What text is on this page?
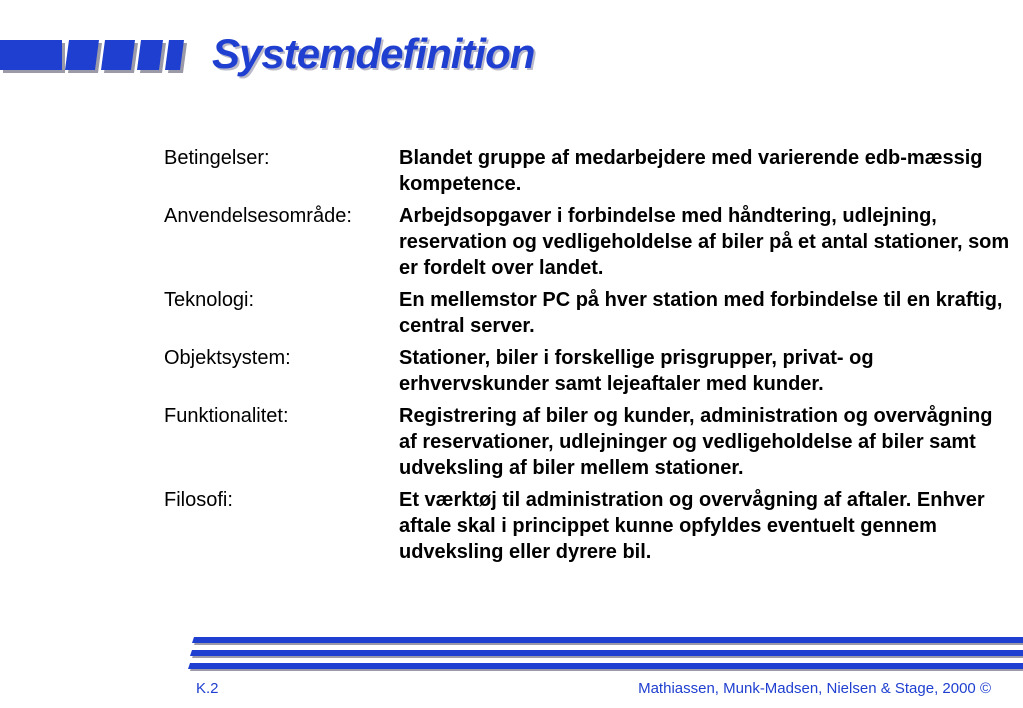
Systemdefinition
Betingelser:	Blandet gruppe af medarbejdere med varierende edb-mæssig kompetence.
Anvendelsesområde:	Arbejdsopgaver i forbindelse med håndtering, udlejning, reservation og vedligeholdelse af biler på et antal stationer, som er fordelt over landet.
Teknologi:	En mellemstor PC på hver station med forbindelse til en kraftig, central server.
Objektsystem:	Stationer, biler i forskellige prisgrupper, privat- og erhvervskunder samt lejeaftaler med kunder.
Funktionalitet:	Registrering af biler og kunder, administration og overvågning af reservationer, udlejninger og vedligeholdelse af biler samt udveksling af biler mellem stationer.
Filosofi:	Et værktøj til administration og overvågning af aftaler. Enhver aftale skal i princippet kunne opfyldes eventuelt gennem udveksling eller dyrere bil.
K.2	Mathiassen, Munk-Madsen, Nielsen & Stage, 2000 ©
